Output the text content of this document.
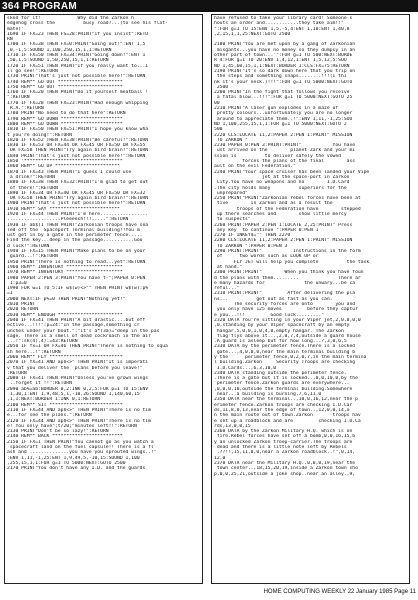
364 PROGRAM
sked for it!             Why did the Zarkon h
edgehog cross the          busy road?...(to see his flat-
mate)'
1690 IF FX=23 THEN FS=28:PRINT"if you insist":RETU
RN
1700 IF FX=38 THEN FX=0:PRINT"Going out!":ENT 1,5
,0,-1,5:SOUND 1,100,250,15,1,1:RETURN
1710 IF FX=50 THEN FX=34:PRINT"Going down!":ENT 1
,50,1,5:SOUND 1,50,250,15,1,1:RETURN
1720 IF FX=51 THEN PRINT"If you really want to...I
ll go see!":RETURN
1730 PRINT"That's just not possible here!":RETURN
1740 REM** GO OUT ***********************
1750 REM** GO OUT ***********************
1760 IF FX=20 THEN PRINT"Do it yourself meatball !
":RETURN
1770 IF FX=28 THEN FX=23:PRINT"Had enough whipping
R.A.":RETURN
1780 PRINT"No need to do that here":RETURN
1790 REM** GO DOWN **********************
1800 REM** GO DOWN **********************
1810 IF FX=50 THEN FX=51:PRINT"I hope you know wha
t you're doing!":RETURN
1820 IF FX=52 THEN FX=38:PRINT"Be careful!":RETURN
1830 IF FX=53 OR FX=44 OR FX=45 OR FX=50 OR FX=55
OR FX=58 THEN PRINT"Try again bird brain!":RETURN
1840 PRINT"That's just not possible here!":RETURN
1850 '***********************************
1860 REM** GO UP ***********************
1870 IF FX=43 THEN PRINT"I guess I could use
a drink!":RETURN
1880 IF FX=38 THEN FX=32:PRINT"I'm glad to get out
of there!":RETURN
1890 IF FX=34 OR FX=40 OR FX=45 OR FX=50 OR FX=32
OR FX=58 THEN PRINT"Try again bird brain!":RETURN
1900 PRINT"That's just not possible here!":RETURN
1910 REM** SAY *************************
1920 IF FX=44 THEN PRINT"I'm here.................
...................Pleeeesh!!!.....":RETURN
1930 IF ab$(1 THEN PRINT"Zarkonian troops have sea
led off the  Spaceport Terminal building!!You m
ust get in by a gate in the perimeter fence.....
Find the key...deep in the passage...........Goo
d luck!":RETURN
1940 IF FX=15 THEN PRINT"Make plans to be on your
guard...!":RETURN
1950 PRINT"There is nothing to read...yet":RETURN
1960 REM** INVENTORY ********************
1970 REM** INVENTORY ********************
1980 PAPER 2:PEN 3:PRINT"You have t-";PAPER 0:PEN
1:p3=0
1990 FOR w=1 TO 5:IF w$(w)<>"" THEN PRINT w$(w):p%
=1
2000 NEXT:IF p%=0 THEN PRINT"Nothing yet!"
2010 PRINT
2020 RETURN
2030 REM** ENOUGH ***********************
2040 IF FX=41 THEN PRINT"A bit drastic....but eff
ective...!!!":p=24:"In the passage,something cr
unches under your boot.":"it's a*(3a)="deep in the pas
sage. There is a smell of dead cockroach in the air
...!":sk(4),4):=43:RETURN
2050 IF fx=1 OR FX=46 THEN PRINT"There is nothing to squa
sh here...!":RETURN
2060 REM** FLY **************************
2070 IF fX=41 AND ap$<>" THEN PRINT"It is imperati
v that you deliver the  plans before you leave!"
:RETURN
2080 IF FX=41 THEN PRINT"Unless you've grown wings
..forget it !!":RETURN
2090 ab%=ab:BORDER 0,2:INK 0,2,5:FOR p=1 TO 15:ENV
1,30,1:ENT 1,9,48,5,1,-10,26:SOUND 1,140,60,15
,1,1:NEXT:BORDER 1:INK 0,1:RETURN
2100 REM** SIT **************************
2110 IF FX=44 AND ap$<>" THEN PRINT"There is no tim
e...for see the plans.":RETURN
2120 IF FX=44 AND ap$<>" THEN PRINT"There is no tim
e! You only have";t/20;"minutes left!!":RETURN
2130 PRINT"Don't be so lazy!":RETURN
2140 REM** BACK *************************
2150 IF FX=1 THEN PRINT"You cannot go as you watch a
spacecraft land on the fuel capsule!! There is a fl
ash and ..............you have you sprouted wings..!"
:ENV 1,11,-1,25:ENT 1,9,49,5,-10,15:SOUND 1,100
,255,15,1,1:FOR g=1 TO 5000:NEXT:GOTO 2500
2170 PRINT"You don't have any I.D. and the guards
have refused to take your library card! Someone s
houts an order and............they take aim!!"
":FOR g=1 TO 15:ENV 1,5,-5,4:ENT 1,10:ENT 1,40,8
,2,15,1,1,25:NEXT:GOTO 2500
2180 PRINT"You are met upon by a gang of Zarkonian
misgants...you have no money so they dumpsy in an
other part of town...'":FOR g=1 TO 500:NEXT:BORDE
R 4:FOR g=1 TO 20:ENV 1,4,12,1:ENT 1,5,12,5:SOU
ND 1,45,60,15,1,1:NEXT:BORDER 1:CLS:FX=75:RETURN
2190 PRINT"It's so dark down here that you trip on
the steps and something snaps........!!!(I thi
nk it's your neck.)!!!":FOR g=1 TO 5000:NEXT:GOTO
2500
2200 PRINT"In the fight that follows you receive
a fatal blow...!!!":FOR g=1 TO 5000:NEXT:GOTO 25
00
2210 PRINT"A laser gun explodes in a maze of
pretty colours...unfortunately you are no longer
around to appreciate them..!":ENV 1,11,-1,25:SOU
ND 1,100,255,15,1,1:FOR g=1 TO 5000:NEXT:GOTO 2
500
2220 CLS:LOCATE 11,2:PAPER 2:PEN 1:PRINT" MISSION
TO ZARKON "
2230 PAPER 0:PEN 3:PRINT:PRINT"           You have
ust arrived on the        planet Zark and your mi
ssion is          to deliver safely the vowed
forces the plans of the final        ass
ault on the evil Federation."
2240 PRINT"Your space cruiser has been landed your Vipe
jet at the space-port in Zarkon
City.You have no weapons and no        I.D.Card
.The city holds many          superiors for the
unprepared"
2250 PRINT"PRINT"Zarkonian rebel forces have been at
tive        in Zarkon and as a result the
troops of the Federation have        stepped
up there searches and        show little mercy
to suspects"
2260 PRINT:PAPER 2:PEN 1:LOCATE 2,25:PRINT" Press
any key  to continue ":PAPER 0:PEN 1
2270 IF INKEY$="" THEN 2270
2280 CLS:LOCATE 11,2:PAPER 2:PEN 1:PRINT" MISSION
TO ZARKON ":PAPER 0:PEN 3
2290 PRINT:PRINT"           Instructions in the form
of      two words such as LOOK UP or
FLY JET will help you complete          the task
at hand."
2300 PRINT:PRINT"        When you think you have foun
d the plans with them.........              There ar
e many hazards for              the unwary...be ca
reful..."
2310 PRINT:PRINT"         After delivering the pla
ns...          get out as fast as you can.
The security forces are onto        you and
you only have 125 moves         before they captur
e you...!!!         Good luck........."
2320 DATA You're sitting in your Viper jet,2,0,0,0,0
,0,standing by your Viper spacecraft by an empty
hangar,5,0,0,1,0,4,0,empty hangar. The Zarkon
flag flys above it...,2,0,7,4,outside a guard house
.A guard is asleep but for how long...?,3,0,6,5
2330 DATA by the perimeter fence.There is a locked
gate...,4,0,0,0,near the main terminal building b
y the      perimeter fence,0,2,0,7,in the main termina
l building.Zarkon     Security Troops are checking
I.D.Cards...,6,3,10,0
2340 DATA standing outside the perimeter fence.
.There is a gate but it is locked..,0,0,10,0,by the
perimeter fence.Zarkon guards are everywhere...
,0,0,0,10,outside the terminal building.Somewhere
near...a building is burning,7,6,11,0
2350 DATA near the terminal..,10,0,16,12,near the p
erimeter fence.Zarkon troops are checking I.D.Car
ds,11,8,0,13,near the edge of town..,12,0,0,14,o
n the main route out of town.Zarkon       troops hav
e set up a roadblock and are         checking I.D.Ca
rds,13,0,0,15
2360 DATA by the Zarkon Military H.Q. which is on
fire.Rebel forces have set off a bomb,0,0,16,15,b
y an unlocked Zarkon troop-carrier.The troops are
dead and there is a little note left by Rebels
.??!!,15,11,0,0,near a Zarkon roadblock..!",0,14,
12,0
2370 DATA near the Military H.Q..0,0,0,19,near the
town center..,18,15,20,19,inside a Zarkon town sho
p,0,0,25,21,outside a joke shop..near an alley.,9,
HOME COMPUTING WEEKLY 22 January 1985 Page 11
